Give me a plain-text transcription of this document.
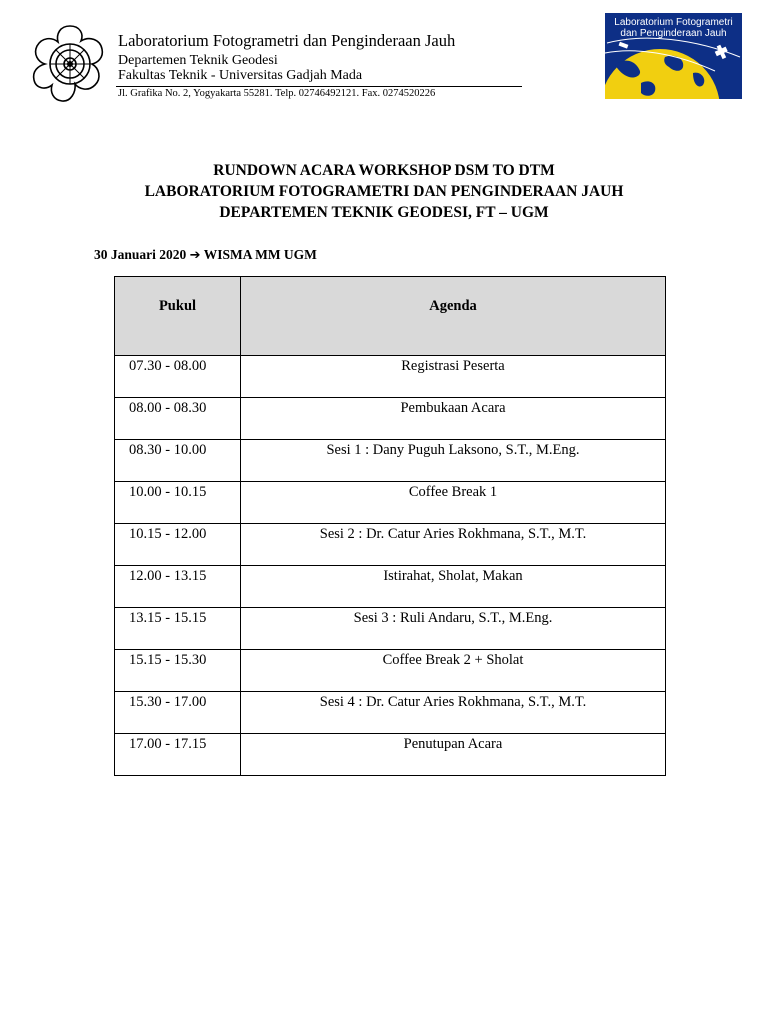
Laboratorium Fotogrametri dan Penginderaan Jauh
Departemen Teknik Geodesi
Fakultas Teknik - Universitas Gadjah Mada
Jl. Grafika No. 2, Yogyakarta 55281. Telp. 02746492121. Fax. 0274520226
Laboratorium Fotogrametri
dan Penginderaan Jauh
RUNDOWN ACARA WORKSHOP DSM TO DTM
LABORATORIUM FOTOGRAMETRI DAN PENGINDERAAN JAUH
DEPARTEMEN TEKNIK GEODESI, FT – UGM
30 Januari 2020 ➔ WISMA MM UGM
Pukul	Agenda

07.30 - 08.00	Registrasi Peserta
08.00 - 08.30	Pembukaan Acara
08.30 - 10.00	Sesi 1 : Dany Puguh Laksono, S.T., M.Eng.
10.00 - 10.15	Coffee Break 1
10.15 - 12.00	Sesi 2 : Dr. Catur Aries Rokhmana, S.T., M.T.
12.00 - 13.15	Istirahat, Sholat, Makan
13.15 - 15.15	Sesi 3 : Ruli Andaru, S.T., M.Eng.
15.15 - 15.30	Coffee Break 2 + Sholat
15.30 - 17.00	Sesi 4 : Dr. Catur Aries Rokhmana, S.T., M.T.
17.00 - 17.15	Penutupan Acara
